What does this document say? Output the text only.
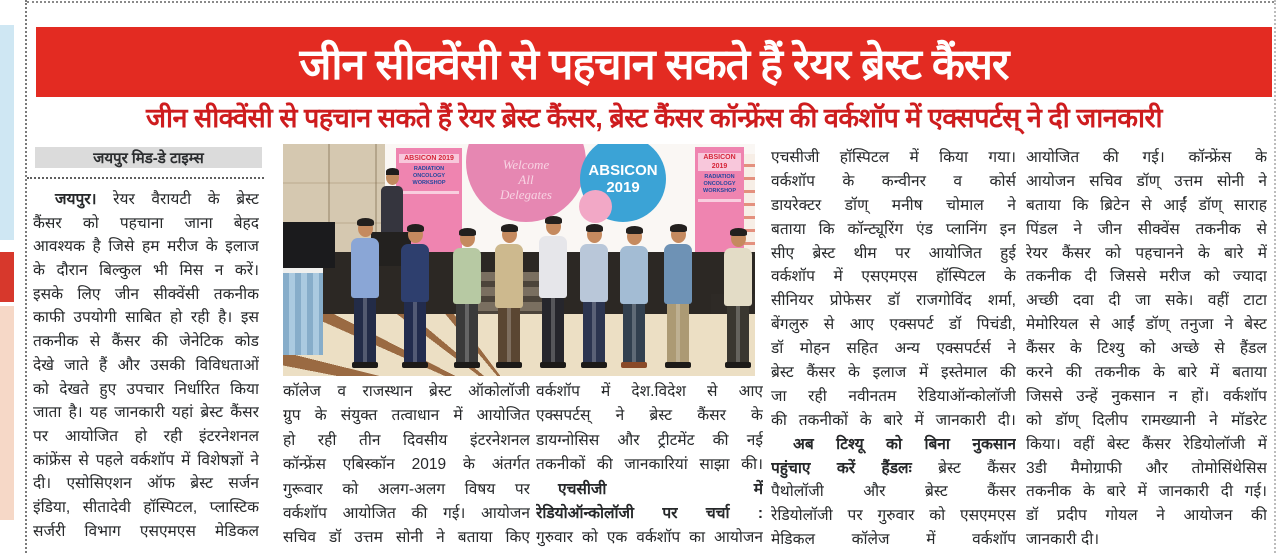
जीन सीक्वेंसी से पहचान सकते हैं रेयर ब्रेस्ट कैंसर
जीन सीक्वेंसी से पहचान सकते हैं रेयर ब्रेस्ट कैंसर, ब्रेस्ट कैंसर कॉन्फ्रेंस की वर्कशॉप में एक्सपर्टस् ने दी जानकारी
जयपुर मिड-डे टाइम्स	Welcome
All
Delegates
ABSICON
2019
ABSICON 2019
RADIATION ONCOLOGY
WORKSHOP
ABSICON 2019
RADIATION ONCOLOGY
WORKSHOP
जयपुर। रेयर वैरायटी के ब्रेस्ट
कैंसर को पहचाना जाना बेहद
आवश्यक है जिसे हम मरीज के इलाज
के दौरान बिल्कुल भी मिस न करें।
इसके लिए जीन सीक्वेंसी तकनीक
काफी उपयोगी साबित हो रही है। इस
तकनीक से कैंसर की जेनेटिक कोड
देखे जाते हैं और उसकी विविधताओं
को देखते हुए उपचार निर्धारित किया
जाता है। यह जानकारी यहां ब्रेस्ट कैंसर
पर आयोजित हो रही इंटरनेशनल
कांफ्रेंस से पहले वर्कशॉप में विशेषज्ञों ने
दी। एसोसिएशन ऑफ ब्रेस्ट सर्जन
इंडिया, सीतादेवी हॉस्पिटल, प्लास्टिक
सर्जरी विभाग एसएमएस मेडिकल
कॉलेज व राजस्थान ब्रेस्ट ऑकोलॉजी
ग्रुप के संयुक्त तत्वाधान में आयोजित
हो रही तीन दिवसीय इंटरनेशनल
कॉन्फ्रेंस एबिस्कॉन 2019 के अंतर्गत
गुरूवार को अलग-अलग विषय पर
वर्कशॉप आयोजित की गई। आयोजन
सचिव डॉ उत्तम सोनी ने बताया किए
वर्कशॉप में देश.विदेश से आए
एक्सपर्टस् ने ब्रेस्ट कैंसर के
डायग्नोसिस और ट्रीटमेंट की नई
तकनीकों की जानकारियां साझा की।
एचसीजी	में
रेडियोऑन्कोलॉजी पर चर्चा :
गुरुवार को एक वर्कशॉप का आयोजन
एचसीजी हॉस्पिटल में किया गया।
वर्कशॉप के कन्वीनर व कोर्स
डायरेक्टर डॉण् मनीष चोमाल ने
बताया कि कॉन्ट्यूरिंग एंड प्लानिंग इन
सीए ब्रेस्ट थीम पर आयोजित हुई
वर्कशॉप में एसएमएस हॉस्पिटल के
सीनियर प्रोफेसर डॉ राजगोविंद शर्मा,
बेंगलुरु से आए एक्सपर्ट डॉ पिचंडी,
डॉ मोहन सहित अन्य एक्सपर्टर्स ने
ब्रेस्ट कैंसर के इलाज में इस्तेमाल की
जा रही नवीनतम रेडियाऑन्कोलॉजी
की तकनीकों के बारे में जानकारी दी।
अब टिश्यू को बिना नुकसान
पहुंचाए करें हैंडलः ब्रेस्ट कैंसर
पैथोलॉजी	और	ब्रेस्ट	कैंसर
रेडियोलॉजी पर गुरुवार को एसएमएस
मेडिकल कॉलेज में वर्कशॉप
आयोजित की गई। कॉन्फ्रेंस के
आयोजन सचिव डॉण् उत्तम सोनी ने
बताया कि ब्रिटेन से आईं डॉण् साराह
पिंडल ने जीन सीक्वेंस तकनीक से
रेयर कैंसर को पहचानने के बारे में
तकनीक दी जिससे मरीज को ज्यादा
अच्छी दवा दी जा सके। वहीं टाटा
मेमोरियल से आईं डॉण् तनुजा ने बेस्ट
कैंसर के टिश्यु को अच्छे से हैंडल
करने की तकनीक के बारे में बताया
जिससे उन्हें नुकसान न हों। वर्कशॉप
को डॉण् दिलीप रामख्यानी ने मॉडरेट
किया। वहीं बेस्ट कैंसर रेडियोलॉजी में
3डी मैमोग्राफी और तोमोसिंथेसिस
तकनीक के बारे में जानकारी दी गई।
डॉ प्रदीप गोयल ने आयोजन की
जानकारी दी।
